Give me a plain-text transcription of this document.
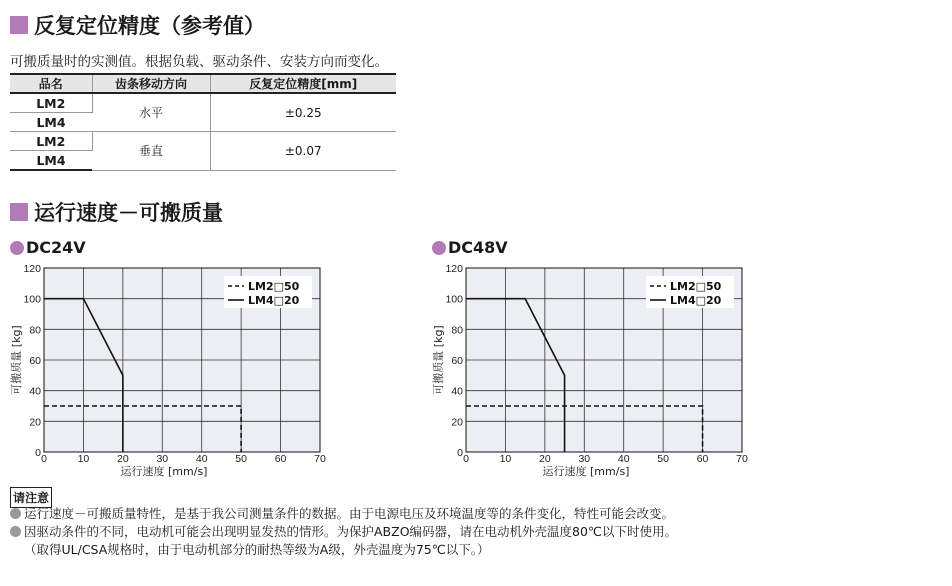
反复定位精度（参考值）
可搬质量时的实测值。根据负载、驱动条件、安装方向而变化。
品名	齿条移动方向	反复定位精度[mm]
LM2	水平	±0.25
LM4		
LM2	垂直	±0.07
LM4		
运行速度－可搬质量
DC24V	DC48V
0	10	20	30	40	50	60	70
0
20
40
60
80
100
120
运行速度 [mm/s]
可搬质量 [kg]
LM2□50
LM4□20
0	10	20	30	40	50	60	70
0
20
40
60
80
100
120
运行速度 [mm/s]
可搬质量 [kg]
LM2□50
LM4□20
请注意
运行速度－可搬质量特性，是基于我公司测量条件的数据。由于电源电压及环境温度等的条件变化，特性可能会改变。
因驱动条件的不同，电动机可能会出现明显发热的情形。为保护ABZO编码器，请在电动机外壳温度80℃以下时使用。
（取得UL/CSA规格时，由于电动机部分的耐热等级为A级，外壳温度为75℃以下。）
